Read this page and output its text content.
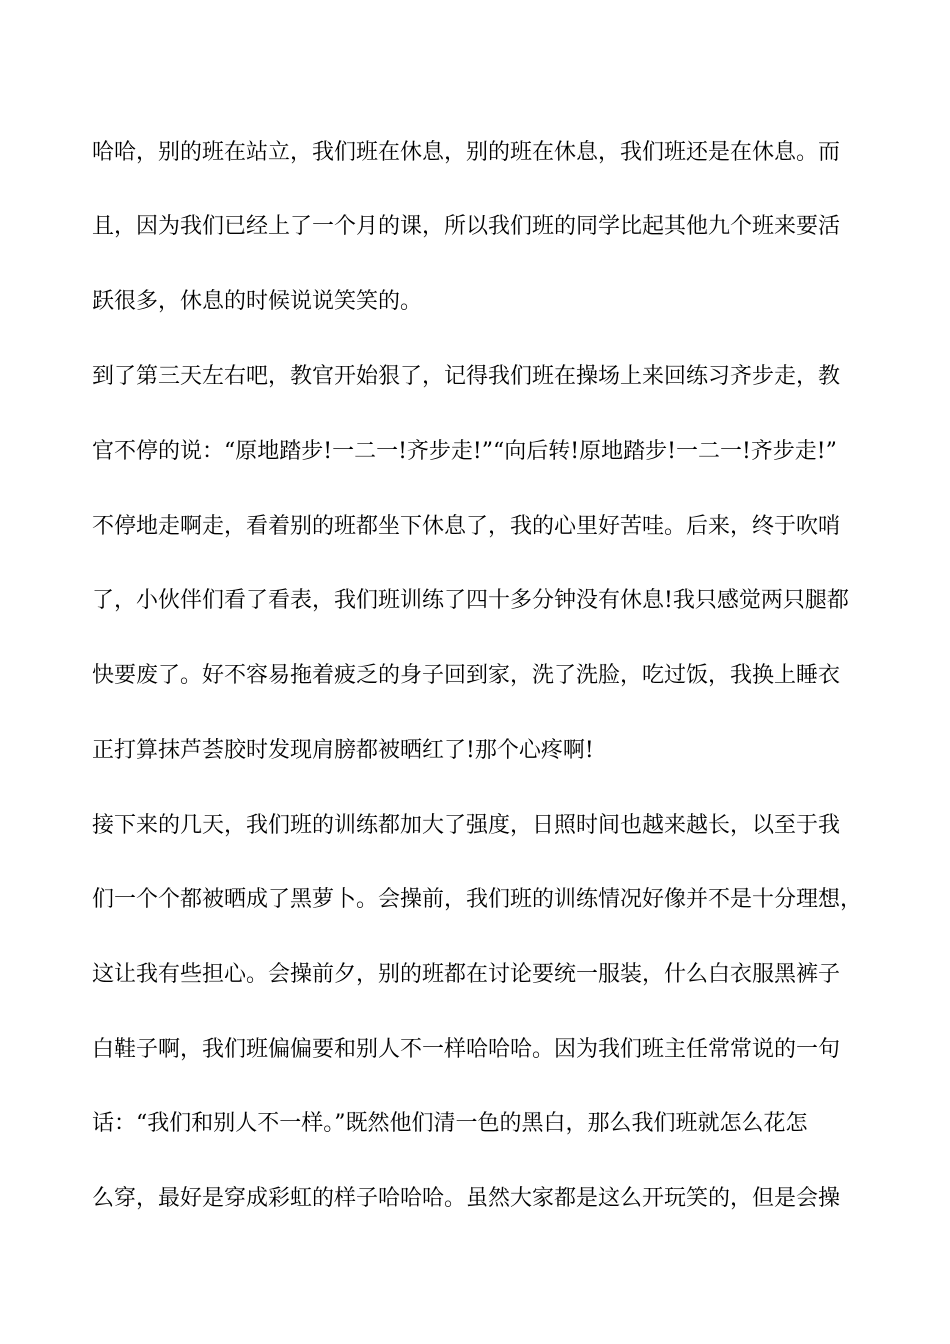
哈哈，别的班在站立，我们班在休息，别的班在休息，我们班还是在休息。而
且，因为我们已经上了一个月的课，所以我们班的同学比起其他九个班来要活
跃很多，休息的时候说说笑笑的。
到了第三天左右吧，教官开始狠了，记得我们班在操场上来回练习齐步走，教
官不停的说：“原地踏步!一二一!齐步走!”“向后转!原地踏步!一二一!齐步走!”
不停地走啊走，看着别的班都坐下休息了，我的心里好苦哇。后来，终于吹哨
了，小伙伴们看了看表，我们班训练了四十多分钟没有休息!我只感觉两只腿都
快要废了。好不容易拖着疲乏的身子回到家，洗了洗脸，吃过饭，我换上睡衣
正打算抹芦荟胶时发现肩膀都被晒红了!那个心疼啊!
接下来的几天，我们班的训练都加大了强度，日照时间也越来越长，以至于我
们一个个都被晒成了黑萝卜。会操前，我们班的训练情况好像并不是十分理想，
这让我有些担心。会操前夕，别的班都在讨论要统一服装，什么白衣服黑裤子
白鞋子啊，我们班偏偏要和别人不一样哈哈哈。因为我们班主任常常说的一句
话：“我们和别人不一样。”既然他们清一色的黑白，那么我们班就怎么花怎
么穿，最好是穿成彩虹的样子哈哈哈。虽然大家都是这么开玩笑的，但是会操
